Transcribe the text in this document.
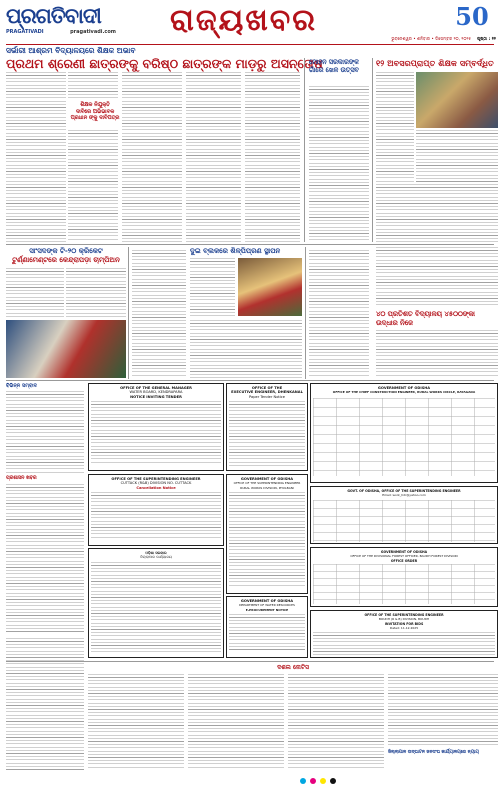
ପ୍ରଗତିବାଦୀ
PRAGATIVADI	pragativadi.com ରାଜ୍ୟଖବର	50
ଭୁବନେଶ୍ୱର • ଶନିବାର • ଡିସେମ୍ବର ୨୦, ୨୦୨୫ ପୃଷ୍ଠା : ୧୨
ସର୍ଭାରୀ ଆଶ୍ରମ ବିଦ୍ୟାଳୟରେ ଶିକ୍ଷକ ଅଭାବ
ପ୍ରଥମ ଶ୍ରେଣୀ ଛାତ୍ରଙ୍କୁ ବରିଷ୍ଠ ଛାତ୍ରଙ୍କ ମାଡ଼ରୁ ଅସନ୍ତୋଷ
ଶିକ୍ଷକ ନିଯୁକ୍ତି
ଦାବିରେ ଅଭିଭାବକ
ପ୍ରଧାନ ଙ୍କୁ ଦାବିପତ୍ର
ମୋହନ ସରକାରଙ୍କ ଗାଁରେ ଖେଳ ଉତ୍ସବ
୧୨ ଅବସରପ୍ରାପ୍ତ ଶିକ୍ଷକ ସମ୍ବର୍ଦ୍ଧିତ
ସାଂସଦଙ୍କ ଟି-୨୦ କ୍ରିକେଟ
ଟୁର୍ଣ୍ଣାମେଣ୍ଟରେ କେନ୍ଦ୍ରାପଡ଼ା ଚାମ୍ପିଅନ
ଦୁଇ ବ୍ଲକରେ ଶିଳ୍ପିପ୍ରଣ ସ୍ଥାପନ
୪୦ ପ୍ରତିଶତ ବିଦ୍ୟାଳୟ ୪୫୦୦ଙ୍କା ଉଦ୍ଧାର ନିଜେ
ବିଭିନ୍ନ ସମ୍ବାଦ	OFFICE OF THE GENERAL MANAGER
WATER BOARD, KENDRAPARA
NOTICE INVITING TENDER
OFFICE OF THE
EXECUTIVE ENGINEER, DHENKANAL
Paper Tender Notice
GOVERNMENT OF ODISHA
OFFICE OF THE CHIEF CONSTRUCTION ENGINEER, RURAL WORKS CIRCLE, RAYAGADA
OFFICE OF THE SUPERINTENDING ENGINEER
CUTTACK (R&B) DIVISION NO. CUTTACK
Cancellation Notice
GOVERNMENT OF ODISHA
OFFICE OF THE SUPERINTENDING ENGINEER RURAL WORKS DIVISION, PHULBANI
GOVT. OF ODISHA, OFFICE OF THE SUPERINTENDING ENGINEER
Email: work_hdr@yahoo.com
GOVERNMENT OF ODISHA
OFFICE OF THE DIVISIONAL FOREST OFFICER, BAUDH FOREST DIVISION
OFFICE ORDER
ପ୍ରଶାସନ ଖବର
ଓଡ଼ିଶା ସରକାର
ଜିଲ୍ଲାପାଳ କାର୍ଯ୍ୟାଳୟ
GOVERNMENT OF ODISHA
DEPARTMENT OF WATER RESOURCES
E-PROCUREMENT NOTICE
OFFICE OF THE SUPERINTENDING ENGINEER
BOUDH (R & B) DIVISION, BOUDH
INVITATION FOR BIDS
Dated: 11.12.2025
ଦଶଲ ନୋଟିସ
ଜିଲ୍ଲାପାଳ ଉଦ୍‌ଘାଟନ ଜନସଂଘ କାର୍ଯ୍ୟାଳୟରେ ନ୍ୟାୟ
